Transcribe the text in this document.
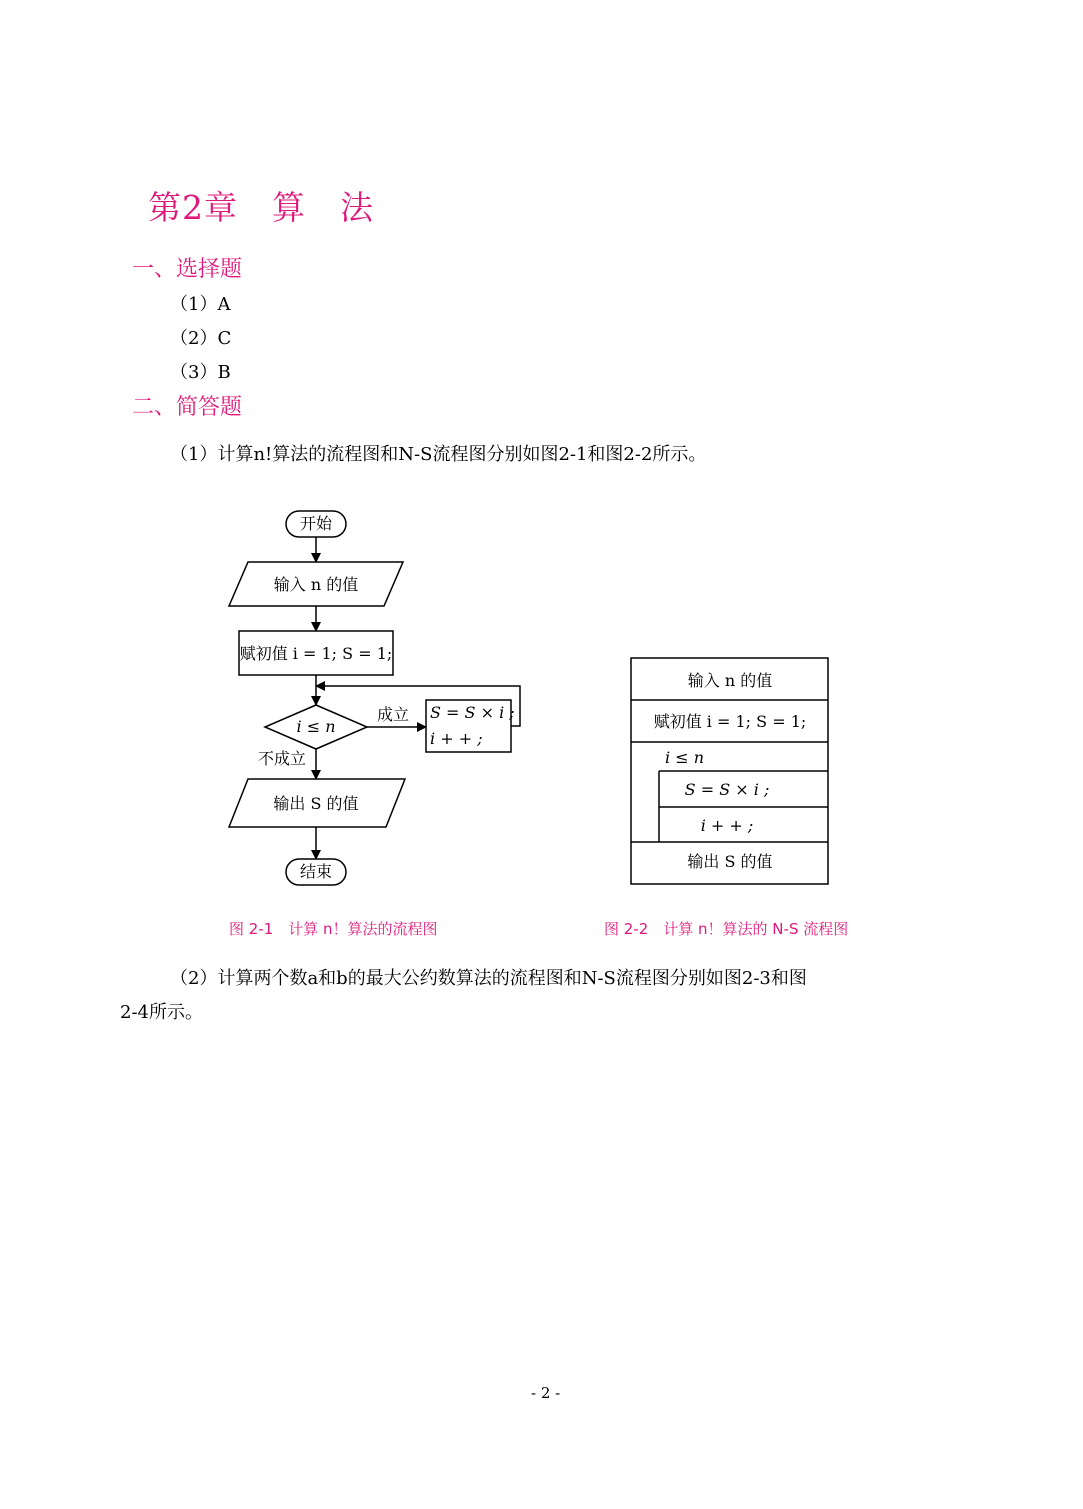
第2章　算　法
一、选择题
（1）A
（2）C
（3）B
二、简答题
（1）计算n!算法的流程图和N-S流程图分别如图2-1和图2-2所示。
开始
输入 n 的值
赋初值 i = 1; S = 1;
i ≤ n
成立 S = S × i ;
i + + ;
不成立
输出 S 的值
结束
输入 n 的值
赋初值 i = 1; S = 1;
i ≤ n
S = S × i ;
i + + ;
输出 S 的值
图 2-1　计算 n！算法的流程图	图 2-2　计算 n！算法的 N-S 流程图
（2）计算两个数a和b的最大公约数算法的流程图和N-S流程图分别如图2-3和图
2-4所示。
- 2 -
